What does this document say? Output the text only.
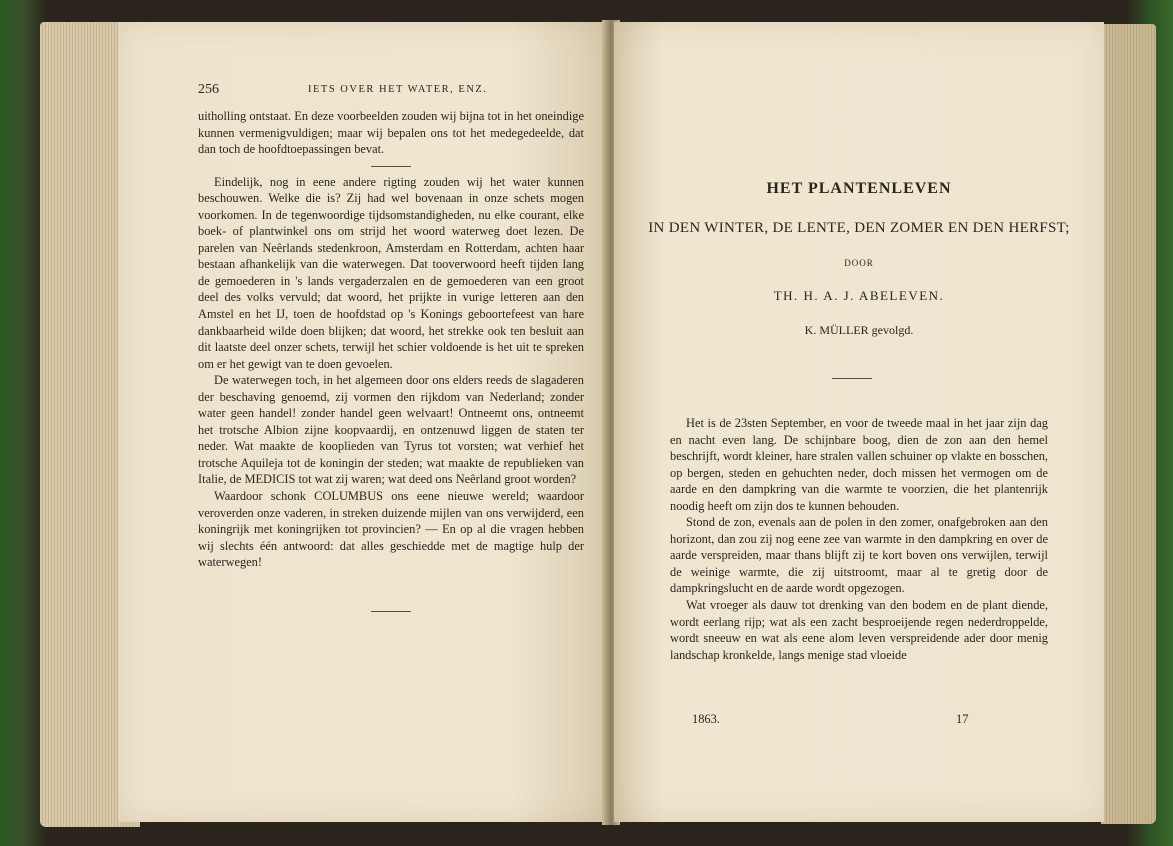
256	IETS OVER HET WATER, ENZ.

uitholling ontstaat. En deze voorbeelden zouden wij bijna tot in het oneindige kunnen vermenigvuldigen; maar wij bepalen ons tot het medegedeelde, dat dan toch de hoofdtoepassingen bevat.

Eindelijk, nog in eene andere rigting zouden wij het water kunnen beschouwen. Welke die is? Zij had wel bovenaan in onze schets mogen voorkomen. In de tegenwoordige tijdsomstandigheden, nu elke courant, elke boek- of plantwinkel ons om strijd het woord waterweg doet lezen. De parelen van Neêrlands stedenkroon, Amsterdam en Rotterdam, achten haar bestaan afhankelijk van die waterwegen. Dat tooverwoord heeft tijden lang de gemoederen in 's lands vergaderzalen en de gemoederen van een groot deel des volks vervuld; dat woord, het prijkte in vurige letteren aan den Amstel en het IJ, toen de hoofdstad op 's Konings geboortefeest van hare dankbaarheid wilde doen blijken; dat woord, het strekke ook ten besluit aan dit laatste deel onzer schets, terwijl het schier voldoende is het uit te spreken om er het gewigt van te doen gevoelen.

De waterwegen toch, in het algemeen door ons elders reeds de slagaderen der beschaving genoemd, zij vormen den rijkdom van Nederland; zonder water geen handel! zonder handel geen welvaart! Ontneemt ons, ontneemt het trotsche Albion zijne koopvaardij, en ontzenuwd liggen de staten ter neder. Wat maakte de kooplieden van Tyrus tot vorsten; wat verhief het trotsche Aquileja tot de koningin der steden; wat maakte de republieken van Italie, de MEDICIS tot wat zij waren; wat deed ons Neêrland groot worden?

Waardoor schonk COLUMBUS ons eene nieuwe wereld; waardoor veroverden onze vaderen, in streken duizende mijlen van ons verwijderd, een koningrijk met koningrijken tot provincien? — En op al die vragen hebben wij slechts één antwoord: dat alles geschiedde met de magtige hulp der waterwegen!

HET PLANTENLEVEN
IN DEN WINTER, DE LENTE, DEN ZOMER EN DEN HERFST;
DOOR
TH. H. A. J. ABELEVEN.
K. MÜLLER gevolgd.

Het is de 23sten September, en voor de tweede maal in het jaar zijn dag en nacht even lang. De schijnbare boog, dien de zon aan den hemel beschrijft, wordt kleiner, hare stralen vallen schuiner op vlakte en bosschen, op bergen, steden en gehuchten neder, doch missen het vermogen om de aarde en den dampkring van die warmte te voorzien, die het plantenrijk noodig heeft om zijn dos te kunnen behouden.

Stond de zon, evenals aan de polen in den zomer, onafgebroken aan den horizont, dan zou zij nog eene zee van warmte in den dampkring en over de aarde verspreiden, maar thans blijft zij te kort boven ons verwijlen, terwijl de weinige warmte, die zij uitstroomt, maar al te gretig door de dampkringslucht en de aarde wordt opgezogen.

Wat vroeger als dauw tot drenking van den bodem en de plant diende, wordt eerlang rijp; wat als een zacht besproeijende regen nederdroppelde, wordt sneeuw en wat als eene alom leven verspreidende ader door menig landschap kronkelde, langs menige stad vloeide

1863.	17
